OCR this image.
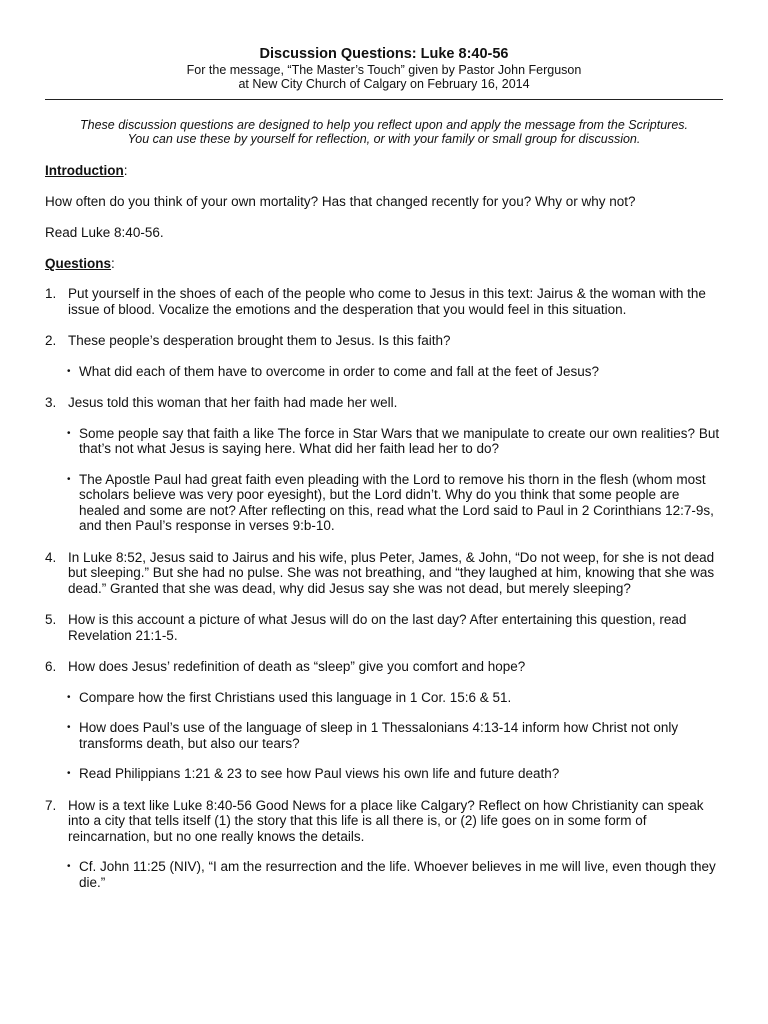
Discussion Questions: Luke 8:40-56
For the message, “The Master’s Touch” given by Pastor John Ferguson
at New City Church of Calgary on February 16, 2014
These discussion questions are designed to help you reflect upon and apply the message from the Scriptures.
You can use these by yourself for reflection, or with your family or small group for discussion.
Introduction:
How often do you think of your own mortality? Has that changed recently for you? Why or why not?
Read Luke 8:40-56.
Questions:
1. Put yourself in the shoes of each of the people who come to Jesus in this text: Jairus & the woman with the issue of blood. Vocalize the emotions and the desperation that you would feel in this situation.
2. These people’s desperation brought them to Jesus. Is this faith?
• What did each of them have to overcome in order to come and fall at the feet of Jesus?
3. Jesus told this woman that her faith had made her well.
• Some people say that faith a like The force in Star Wars that we manipulate to create our own realities? But that’s not what Jesus is saying here. What did her faith lead her to do?
• The Apostle Paul had great faith even pleading with the Lord to remove his thorn in the flesh (whom most scholars believe was very poor eyesight), but the Lord didn’t. Why do you think that some people are healed and some are not? After reflecting on this, read what the Lord said to Paul in 2 Corinthians 12:7-9s, and then Paul’s response in verses 9:b-10.
4. In Luke 8:52, Jesus said to Jairus and his wife, plus Peter, James, & John, “Do not weep, for she is not dead but sleeping.” But she had no pulse. She was not breathing, and “they laughed at him, knowing that she was dead.” Granted that she was dead, why did Jesus say she was not dead, but merely sleeping?
5. How is this account a picture of what Jesus will do on the last day? After entertaining this question, read Revelation 21:1-5.
6. How does Jesus’ redefinition of death as “sleep” give you comfort and hope?
• Compare how the first Christians used this language in 1 Cor. 15:6 & 51.
• How does Paul’s use of the language of sleep in 1 Thessalonians 4:13-14 inform how Christ not only transforms death, but also our tears?
• Read Philippians 1:21 & 23 to see how Paul views his own life and future death?
7. How is a text like Luke 8:40-56 Good News for a place like Calgary? Reflect on how Christianity can speak into a city that tells itself (1) the story that this life is all there is, or (2) life goes on in some form of reincarnation, but no one really knows the details.
• Cf. John 11:25 (NIV), “I am the resurrection and the life. Whoever believes in me will live, even though they die.”
